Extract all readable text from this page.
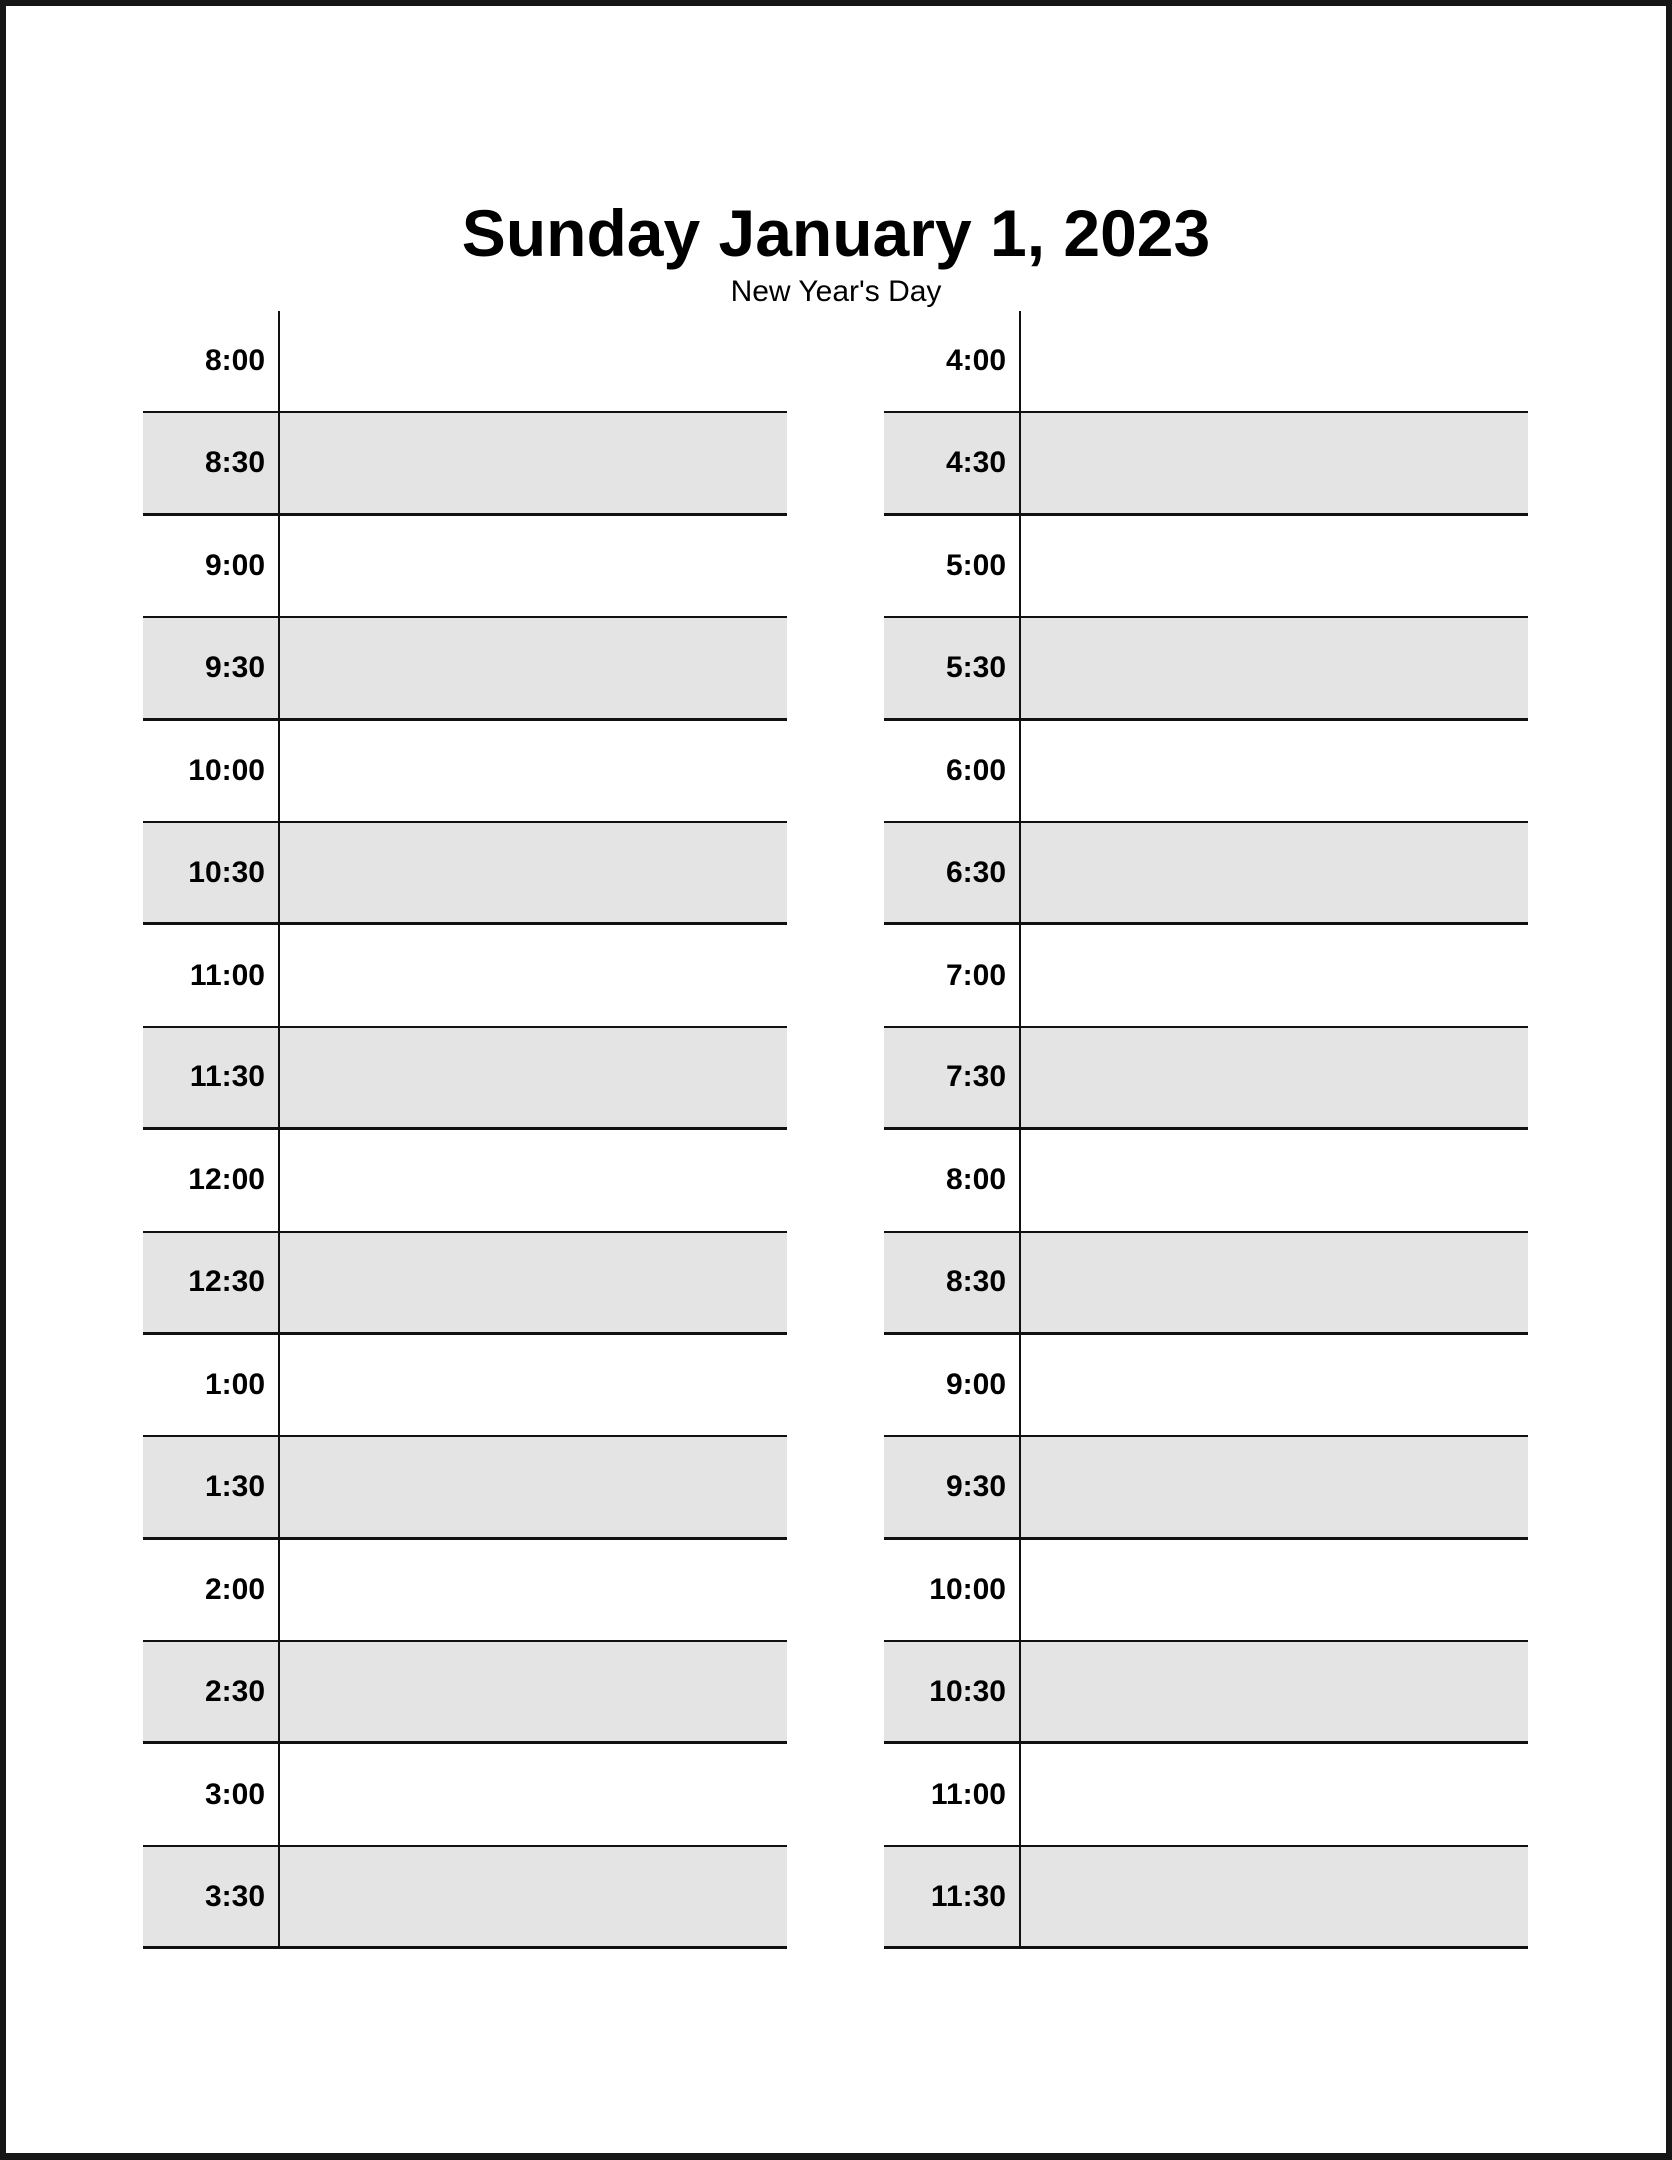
Sunday January 1, 2023
New Year's Day
8:00
8:30
9:00
9:30
10:00
10:30
11:00
11:30
12:00
12:30
1:00
1:30
2:00
2:30
3:00
3:30
4:00
4:30
5:00
5:30
6:00
6:30
7:00
7:30
8:00
8:30
9:00
9:30
10:00
10:30
11:00
11:30
